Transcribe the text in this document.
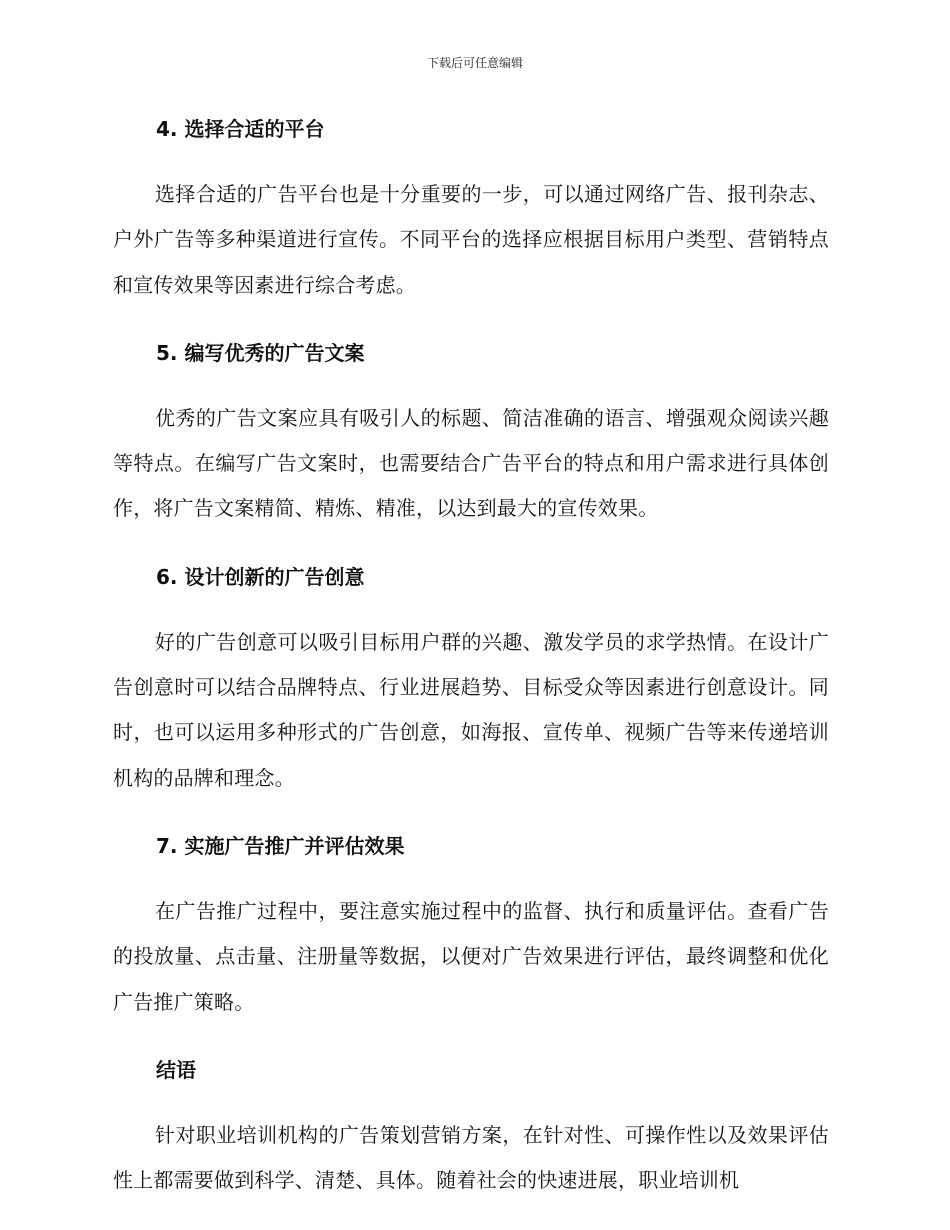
下载后可任意编辑
4. 选择合适的平台

选择合适的广告平台也是十分重要的一步，可以通过网络广告、报刊杂志、户外广告等多种渠道进行宣传。不同平台的选择应根据目标用户类型、营销特点和宣传效果等因素进行综合考虑。

5. 编写优秀的广告文案

优秀的广告文案应具有吸引人的标题、简洁准确的语言、增强观众阅读兴趣等特点。在编写广告文案时，也需要结合广告平台的特点和用户需求进行具体创作，将广告文案精简、精炼、精准，以达到最大的宣传效果。

6. 设计创新的广告创意

好的广告创意可以吸引目标用户群的兴趣、激发学员的求学热情。在设计广告创意时可以结合品牌特点、行业进展趋势、目标受众等因素进行创意设计。同时，也可以运用多种形式的广告创意，如海报、宣传单、视频广告等来传递培训机构的品牌和理念。

7. 实施广告推广并评估效果

在广告推广过程中，要注意实施过程中的监督、执行和质量评估。查看广告的投放量、点击量、注册量等数据，以便对广告效果进行评估，最终调整和优化广告推广策略。

结语

针对职业培训机构的广告策划营销方案，在针对性、可操作性以及效果评估性上都需要做到科学、清楚、具体。随着社会的快速进展，职业培训机
